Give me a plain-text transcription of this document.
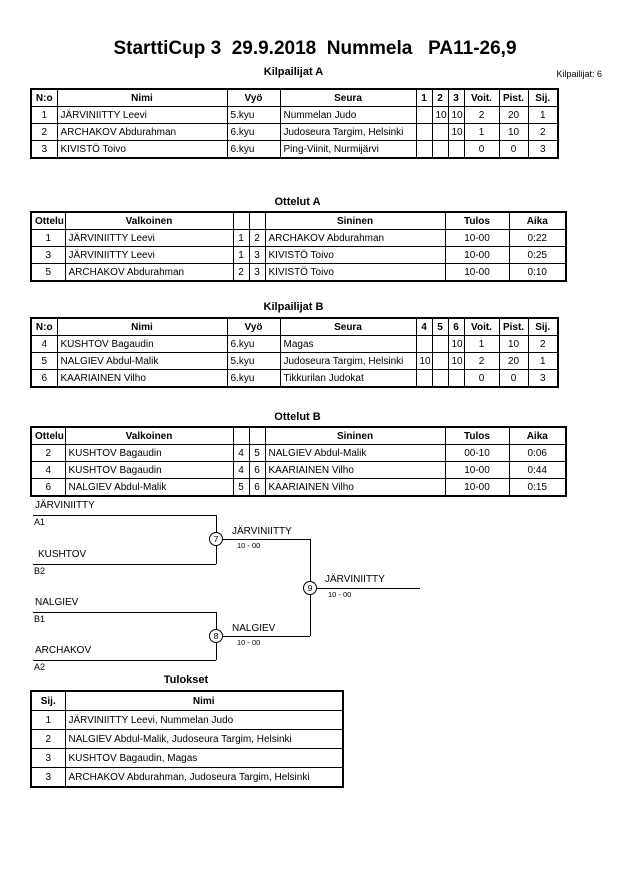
StarttiCup 3  29.9.2018  Nummela   PA11-26,9
Kilpailijat: 6
Kilpailijat A
N:o	Nimi	Vyö	Seura	1	2	3	Voit.	Pist.	Sij.
1	JÄRVINIITTY Leevi	5.kyu	Nummelan Judo		10	10	2	20	1
2	ARCHAKOV Abdurahman	6.kyu	Judoseura Targim, Helsinki			10	1	10	2
3	KIVISTÖ Toivo	6.kyu	Ping-Viinit, Nurmijärvi				0	0	3
Ottelut A
Ottelu	Valkoinen			Sininen	Tulos	Aika
1	JÄRVINIITTY Leevi	1	2	ARCHAKOV Abdurahman	10-00	0:22
3	JÄRVINIITTY Leevi	1	3	KIVISTÖ Toivo	10-00	0:25
5	ARCHAKOV Abdurahman	2	3	KIVISTÖ Toivo	10-00	0:10
Kilpailijat B
N:o	Nimi	Vyö	Seura	4	5	6	Voit.	Pist.	Sij.
4	KUSHTOV Bagaudin	6.kyu	Magas			10	1	10	2
5	NALGIEV Abdul-Malik	5.kyu	Judoseura Targim, Helsinki	10		10	2	20	1
6	KAARIAINEN Vilho	6.kyu	Tikkurilan Judokat				0	0	3
Ottelut B
Ottelu	Valkoinen			Sininen	Tulos	Aika
2	KUSHTOV Bagaudin	4	5	NALGIEV Abdul-Malik	00-10	0:06
4	KUSHTOV Bagaudin	4	6	KAARIAINEN Vilho	10-00	0:44
6	NALGIEV Abdul-Malik	5	6	KAARIAINEN Vilho	10-00	0:15
JÄRVINIITTY
A1
KUSHTOV
B2
7
JÄRVINIITTY
10 - 00
NALGIEV
B1
ARCHAKOV
A2
8
NALGIEV
10 - 00
9
JÄRVINIITTY
10 - 00
Tulokset
Sij.	Nimi
1	JÄRVINIITTY Leevi, Nummelan Judo
2	NALGIEV Abdul-Malik, Judoseura Targim, Helsinki
3	KUSHTOV Bagaudin, Magas
3	ARCHAKOV Abdurahman, Judoseura Targim, Helsinki
